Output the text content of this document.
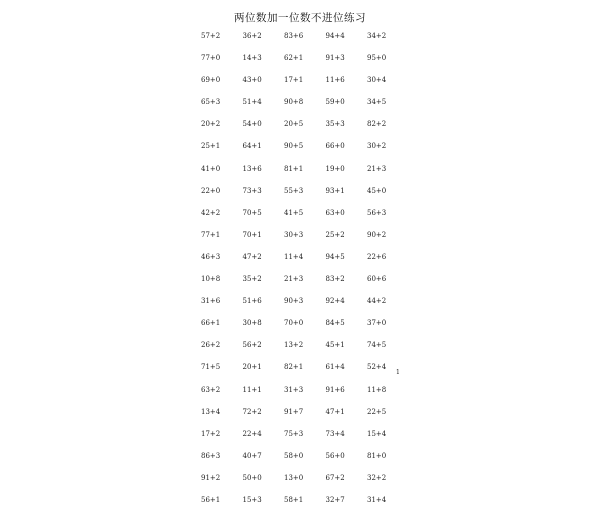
两位数加一位数不进位练习
57+2	36+2	83+6	94+4	34+2
77+0	14+3	62+1	91+3	95+0
69+0	43+0	17+1	11+6	30+4
65+3	51+4	90+8	59+0	34+5
20+2	54+0	20+5	35+3	82+2
25+1	64+1	90+5	66+0	30+2
41+0	13+6	81+1	19+0	21+3
22+0	73+3	55+3	93+1	45+0
42+2	70+5	41+5	63+0	56+3
77+1	70+1	30+3	25+2	90+2
46+3	47+2	11+4	94+5	22+6
10+8	35+2	21+3	83+2	60+6
31+6	51+6	90+3	92+4	44+2
66+1	30+8	70+0	84+5	37+0
26+2	56+2	13+2	45+1	74+5
71+5	20+1	82+1	61+4	52+4
63+2	11+1	31+3	91+6	11+8
13+4	72+2	91+7	47+1	22+5
17+2	22+4	75+3	73+4	15+4
86+3	40+7	58+0	56+0	81+0
91+2	50+0	13+0	67+2	32+2
56+1	15+3	58+1	32+7	31+4
1
